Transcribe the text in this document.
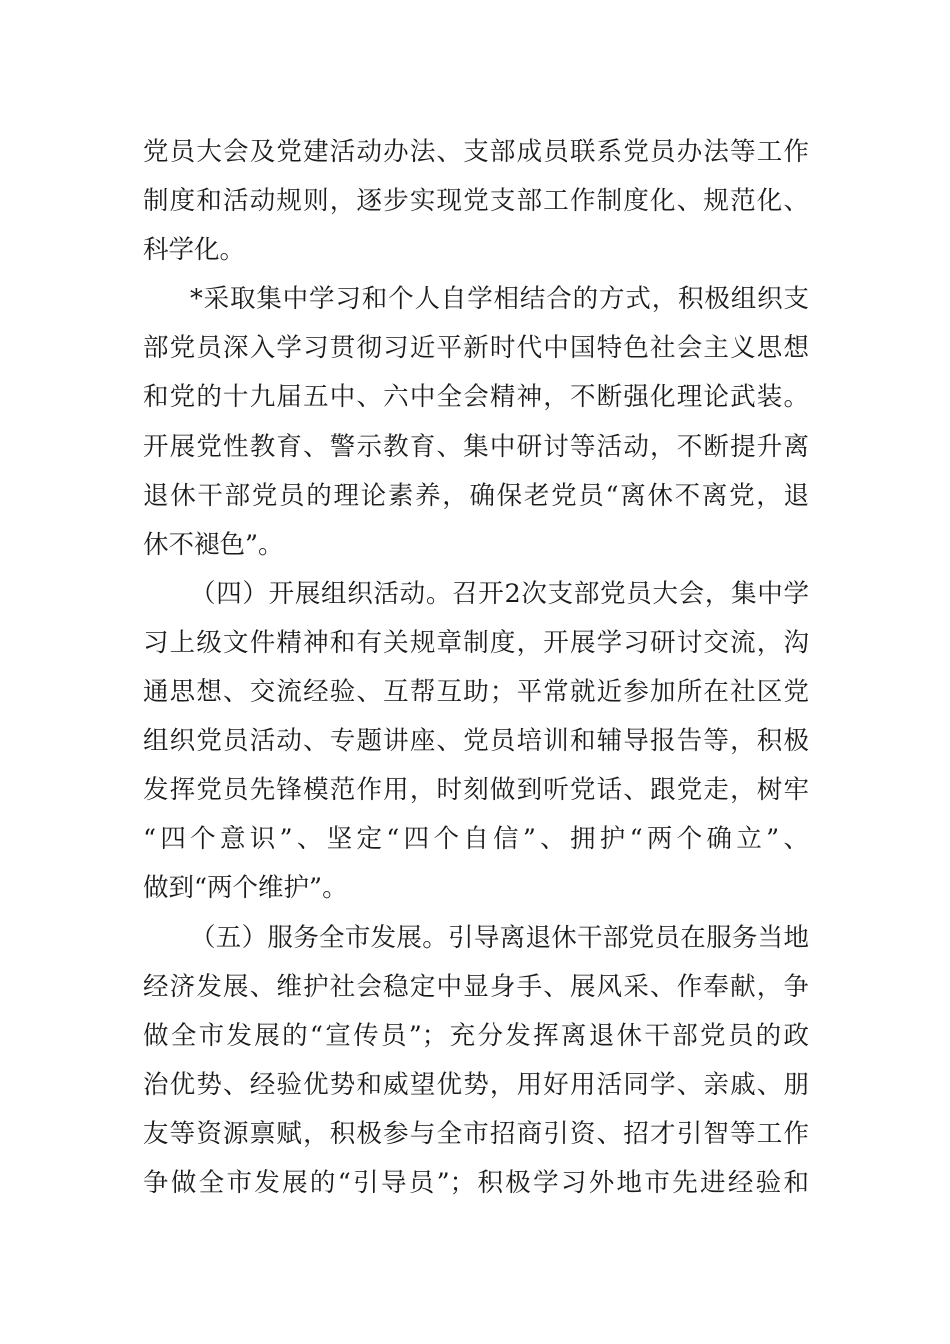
党员大会及党建活动办法、支部成员联系党员办法等工作
制度和活动规则，逐步实现党支部工作制度化、规范化、
科学化。
*采取集中学习和个人自学相结合的方式，积极组织支
部党员深入学习贯彻习近平新时代中国特色社会主义思想
和党的十九届五中、六中全会精神，不断强化理论武装。
开展党性教育、警示教育、集中研讨等活动，不断提升离
退休干部党员的理论素养，确保老党员“离休不离党，退
休不褪色”。
（四）开展组织活动。召开2次支部党员大会，集中学
习上级文件精神和有关规章制度，开展学习研讨交流，沟
通思想、交流经验、互帮互助；平常就近参加所在社区党
组织党员活动、专题讲座、党员培训和辅导报告等，积极
发挥党员先锋模范作用，时刻做到听党话、跟党走，树牢
“四个意识”、坚定“四个自信”、拥护“两个确立”、
做到“两个维护”。
（五）服务全市发展。引导离退休干部党员在服务当地
经济发展、维护社会稳定中显身手、展风采、作奉献，争
做全市发展的“宣传员”；充分发挥离退休干部党员的政
治优势、经验优势和威望优势，用好用活同学、亲戚、朋
友等资源禀赋，积极参与全市招商引资、招才引智等工作
争做全市发展的“引导员”；积极学习外地市先进经验和
